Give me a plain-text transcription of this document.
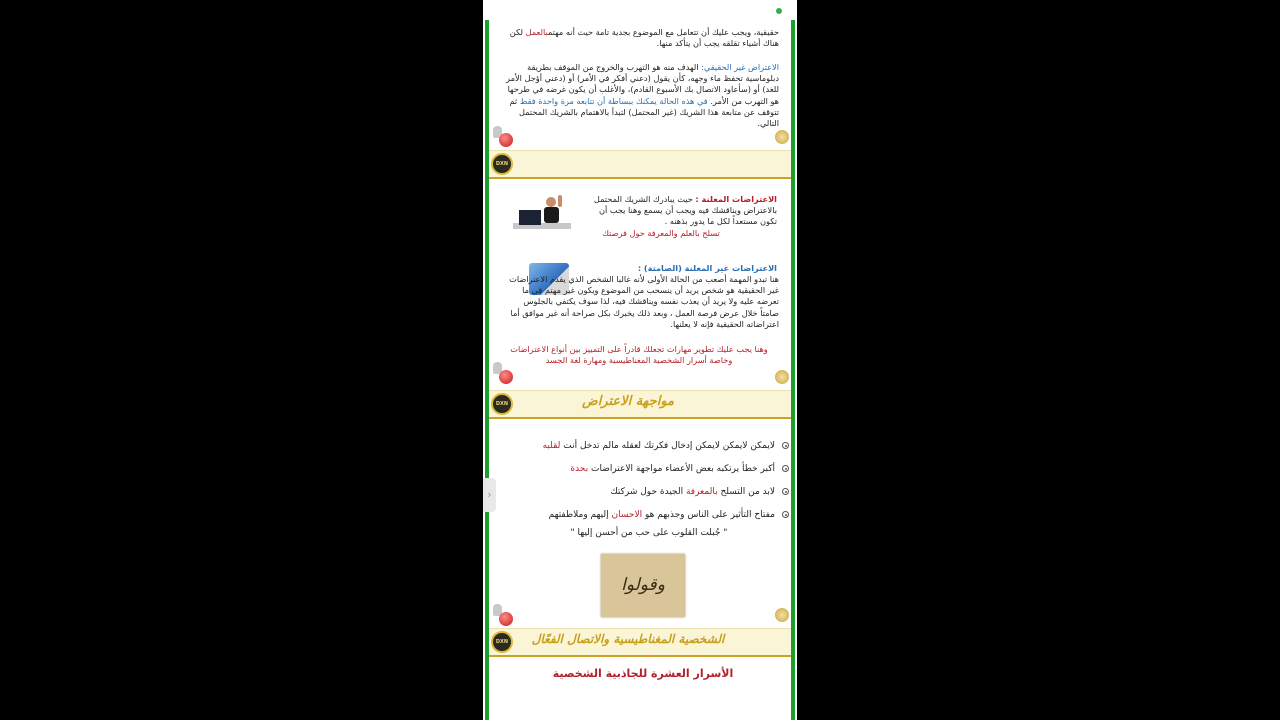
حقيقية، ويجب عليك أن تتعامل مع الموضوع بجدية تامة حيث أنه مهتمبالعمل لكن هناك أشياء تقلقه يجب أن يتأكد منها.
الاعتراض غير الحقيقي: الهدف منه هو التهرب والخروج من الموقف بطريقة دبلوماسية تحفظ ماء وجهه، كأن يقول (دعني أفكر في الأمر) أو (دعني أؤجل الأمر للغد) أو (سأعاود الاتصال بك الأسبوع القادم)، والأغلب أن يكون غرضه في طرحها هو التهرب من الأمر. في هذه الحالة يمكنك ببساطة أن تتابعه مرة واحدة فقط ثم تتوقف عن متابعة هذا الشريك (غير المحتمل) لتبدأ بالاهتمام بالشريك المحتمل التالي.
DXN
الاعتراضات المعلنة : حيث يبادرك الشريك المحتمل بالاعتراض ويناقشك فيه ويجب أن يسمع وهنا يجب أن تكون مستعداً لكل ما يدور بذهنه .
تسلح بالعلم والمعرفة حول فرصتك
الاعتراضات غير المعلنة (الصامتة) :
هنا تبدو المهمة أصعب من الحالة الأولى لأنه غالبا الشخص الذي يقدم الاعتراضات غير الحقيقية هو شخص يريد أن ينسحب من الموضوع ويكون غير مهتم في ما تعرضه عليه ولا يريد أن يعذب نفسه ويناقشك فيه، لذا سوف يكتفي بالجلوس صامتاً خلال عرض فرصة العمل ، وبعد ذلك يخبرك بكل صراحة أنه غير موافق أما اعتراضاته الحقيقية فإنه لا يعلنها.
وهنا يجب عليك تطوير مهارات تجعلك قادراً على التمييز بين أنواع الاعتراضات وخاصة أسرار الشخصية المغناطيسية ومهارة لغة الجسد
DXN	مواجهة الاعتراض
لايمكن لايمكن لايمكن إدخال فكرتك لعقله مالم تدخل أنت لقلبه
أكبر خطأ يرتكبه بعض الأعضاء مواجهة الاعتراضات بحدة
لابد من التسلح بالمعرفة الجيدة حول شركتك
مفتاح التأثير على الناس وجذبهم هو الاحسان إليهم وملاطفتهم
" جُبلت القلوب على حب من أحسن إليها "
وقولوا
DXN	الشخصية المغناطيسية والاتصال الفعّال
الأسرار العشرة للجاذبية الشخصية
›
